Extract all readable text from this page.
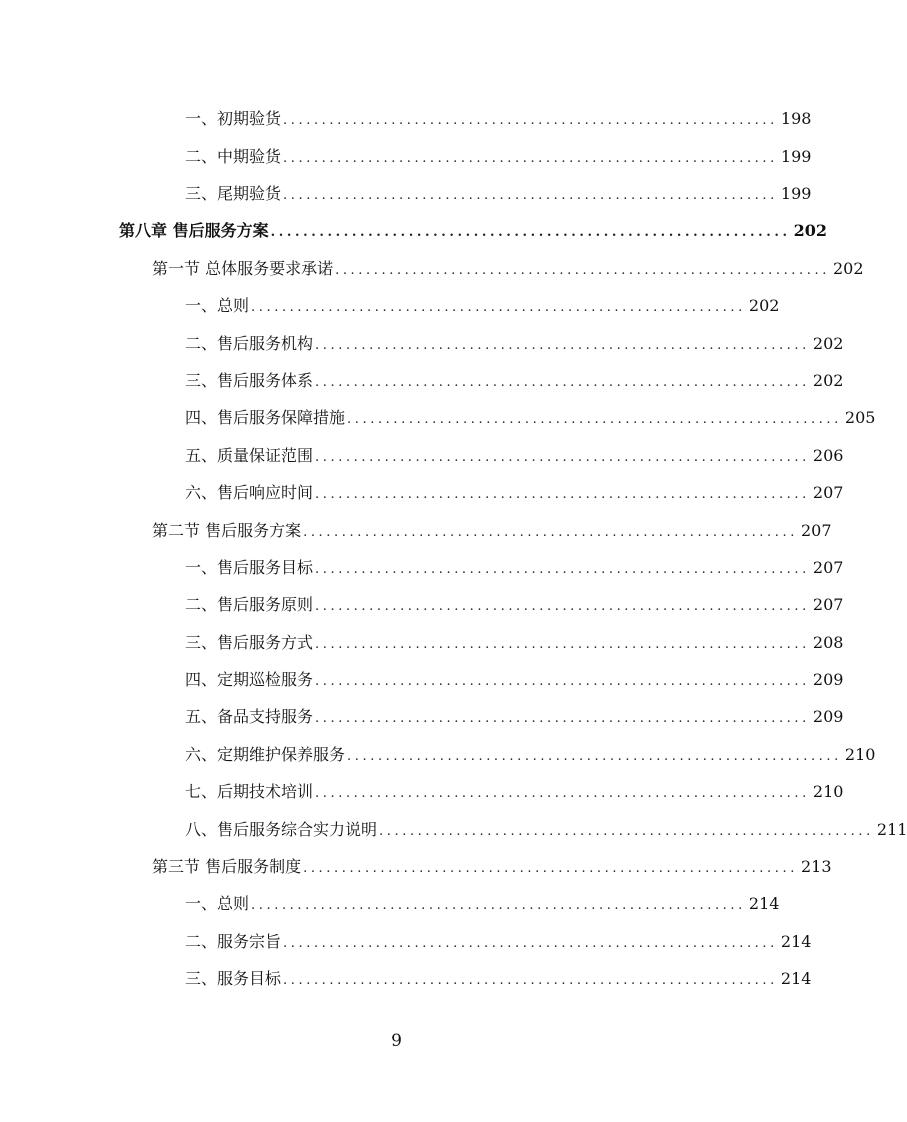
一、初期验货 ................................................................ 198
二、中期验货 ................................................................ 199
三、尾期验货 ................................................................ 199
第八章 售后服务方案 ................................................................ 202
第一节 总体服务要求承诺 ................................................................ 202
一、总则 ................................................................ 202
二、售后服务机构 ................................................................ 202
三、售后服务体系 ................................................................ 202
四、售后服务保障措施 ................................................................ 205
五、质量保证范围 ................................................................ 206
六、售后响应时间 ................................................................ 207
第二节 售后服务方案 ................................................................ 207
一、售后服务目标 ................................................................ 207
二、售后服务原则 ................................................................ 207
三、售后服务方式 ................................................................ 208
四、定期巡检服务 ................................................................ 209
五、备品支持服务 ................................................................ 209
六、定期维护保养服务 ................................................................ 210
七、后期技术培训 ................................................................ 210
八、售后服务综合实力说明 ................................................................ 211
第三节 售后服务制度 ................................................................ 213
一、总则 ................................................................ 214
二、服务宗旨 ................................................................ 214
三、服务目标 ................................................................ 214
9
